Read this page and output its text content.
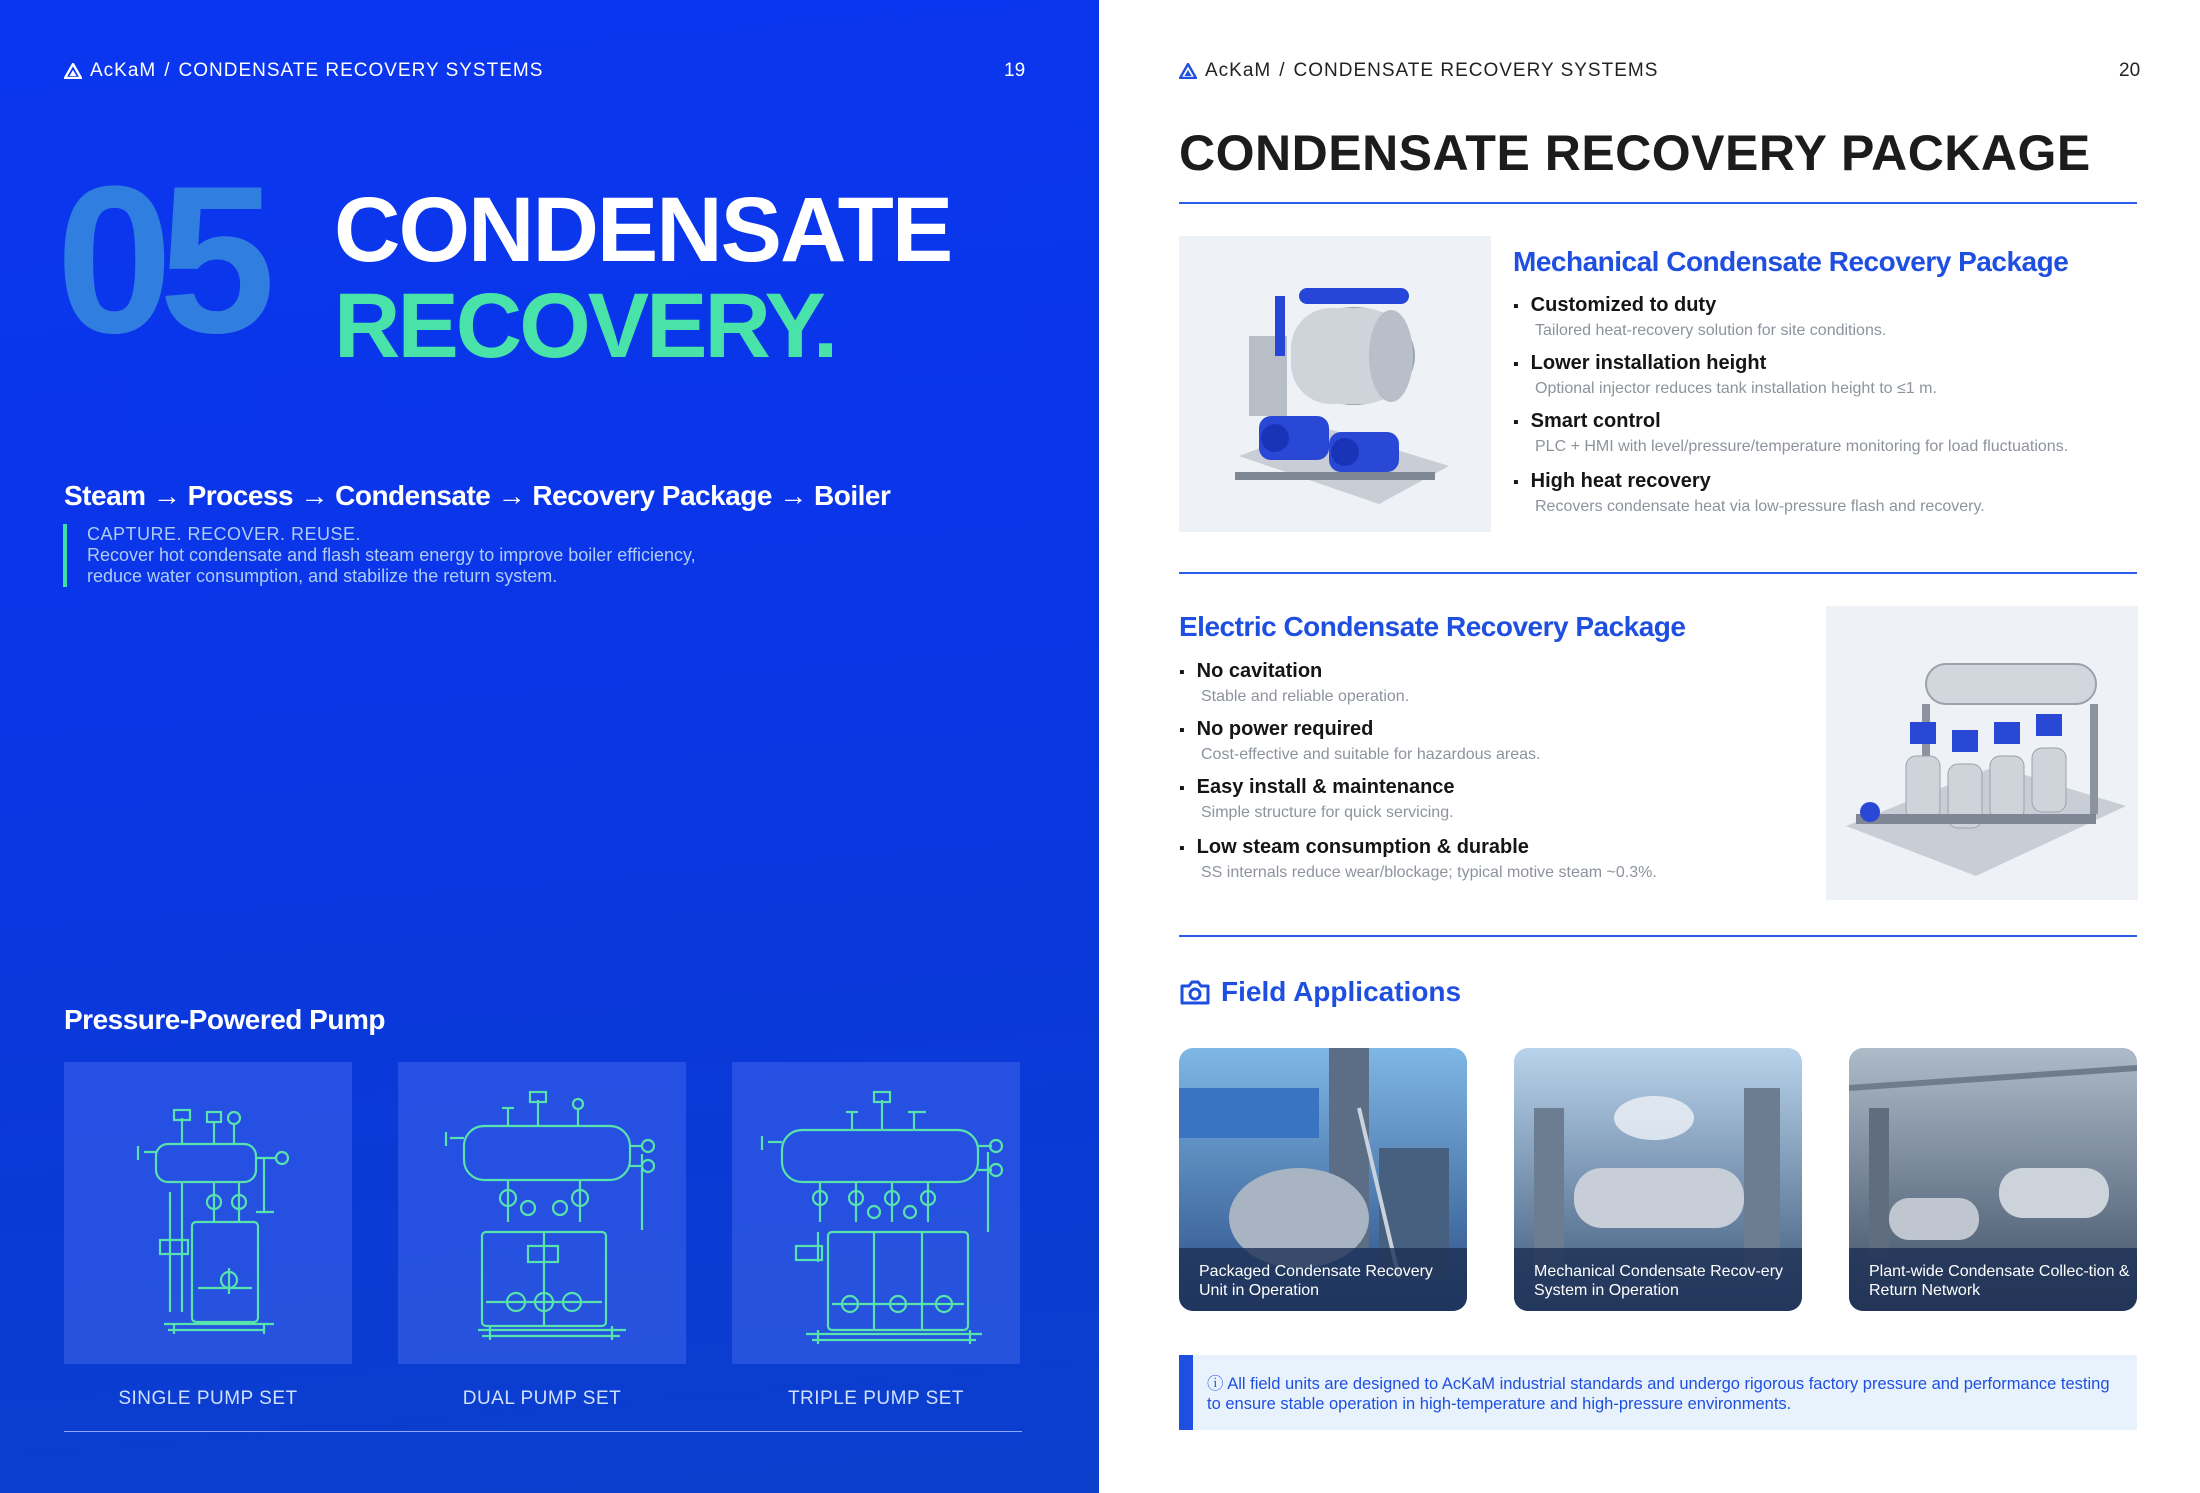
AcKaM / CONDENSATE RECOVERY SYSTEMS	19
05 CONDENSATE
RECOVERY.
Steam → Process → Condensate → Recovery Package → Boiler
CAPTURE. RECOVER. REUSE.
Recover hot condensate and flash steam energy to improve boiler efficiency, reduce water consumption, and stabilize the return system.
Pressure-Powered Pump
SINGLE PUMP SET	DUAL PUMP SET	TRIPLE PUMP SET
AcKaM / CONDENSATE RECOVERY SYSTEMS	20
CONDENSATE RECOVERY PACKAGE
Mechanical Condensate Recovery Package
▪ Customized to duty
Tailored heat-recovery solution for site conditions.
▪ Lower installation height
Optional injector reduces tank installation height to ≤1 m.
▪ Smart control
PLC + HMI with level/pressure/temperature monitoring for load fluctuations.
▪ High heat recovery
Recovers condensate heat via low-pressure flash and recovery.
Electric Condensate Recovery Package
▪ No cavitation
Stable and reliable operation.
▪ No power required
Cost-effective and suitable for hazardous areas.
▪ Easy install & maintenance
Simple structure for quick servicing.
▪ Low steam consumption & durable
SS internals reduce wear/blockage; typical motive steam ~0.3%.
Field Applications
Packaged Condensate Recovery Unit in Operation
Mechanical Condensate Recov-ery System in Operation
Plant-wide Condensate Collec-tion & Return Network
ⓘ All field units are designed to AcKaM industrial standards and undergo rigorous factory pressure and performance testing to ensure stable operation in high-temperature and high-pressure environments.
